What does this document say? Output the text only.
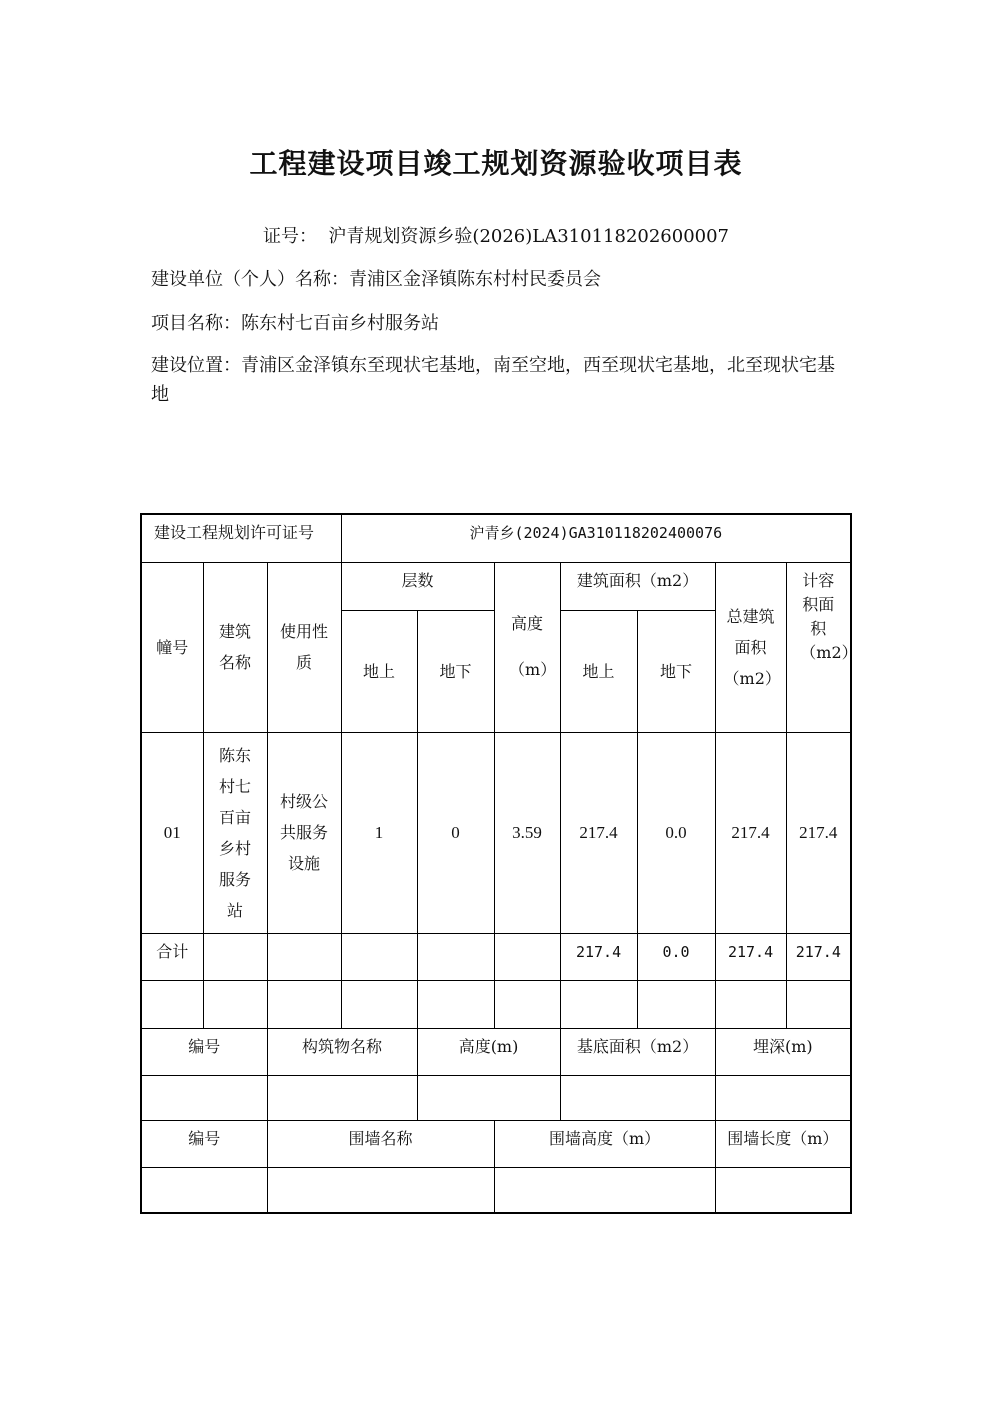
工程建设项目竣工规划资源验收项目表
证号： 沪青规划资源乡验(2026)LA310118202600007
建设单位（个人）名称：青浦区金泽镇陈东村村民委员会
项目名称：陈东村七百亩乡村服务站
建设位置：青浦区金泽镇东至现状宅基地，南至空地，西至现状宅基地，北至现状宅基地
建设工程规划许可证号			沪青乡(2024)GA310118202400076						
幢号	建筑名称	使用性质	层数		高度（m）	建筑面积（m2）		总建筑面积（m2）	计容积面积（m2）

			地上	地下		地上	地下		
01	陈东村七百亩乡村服务站	村级公共服务设施	1	0	3.59	217.4	0.0	217.4	217.4
合计						217.4	0.0	217.4	217.4

编号		构筑物名称		高度(m)		基底面积（m2）		埋深(m)	

编号		围墙名称			围墙高度（m）			围墙长度（m）	
